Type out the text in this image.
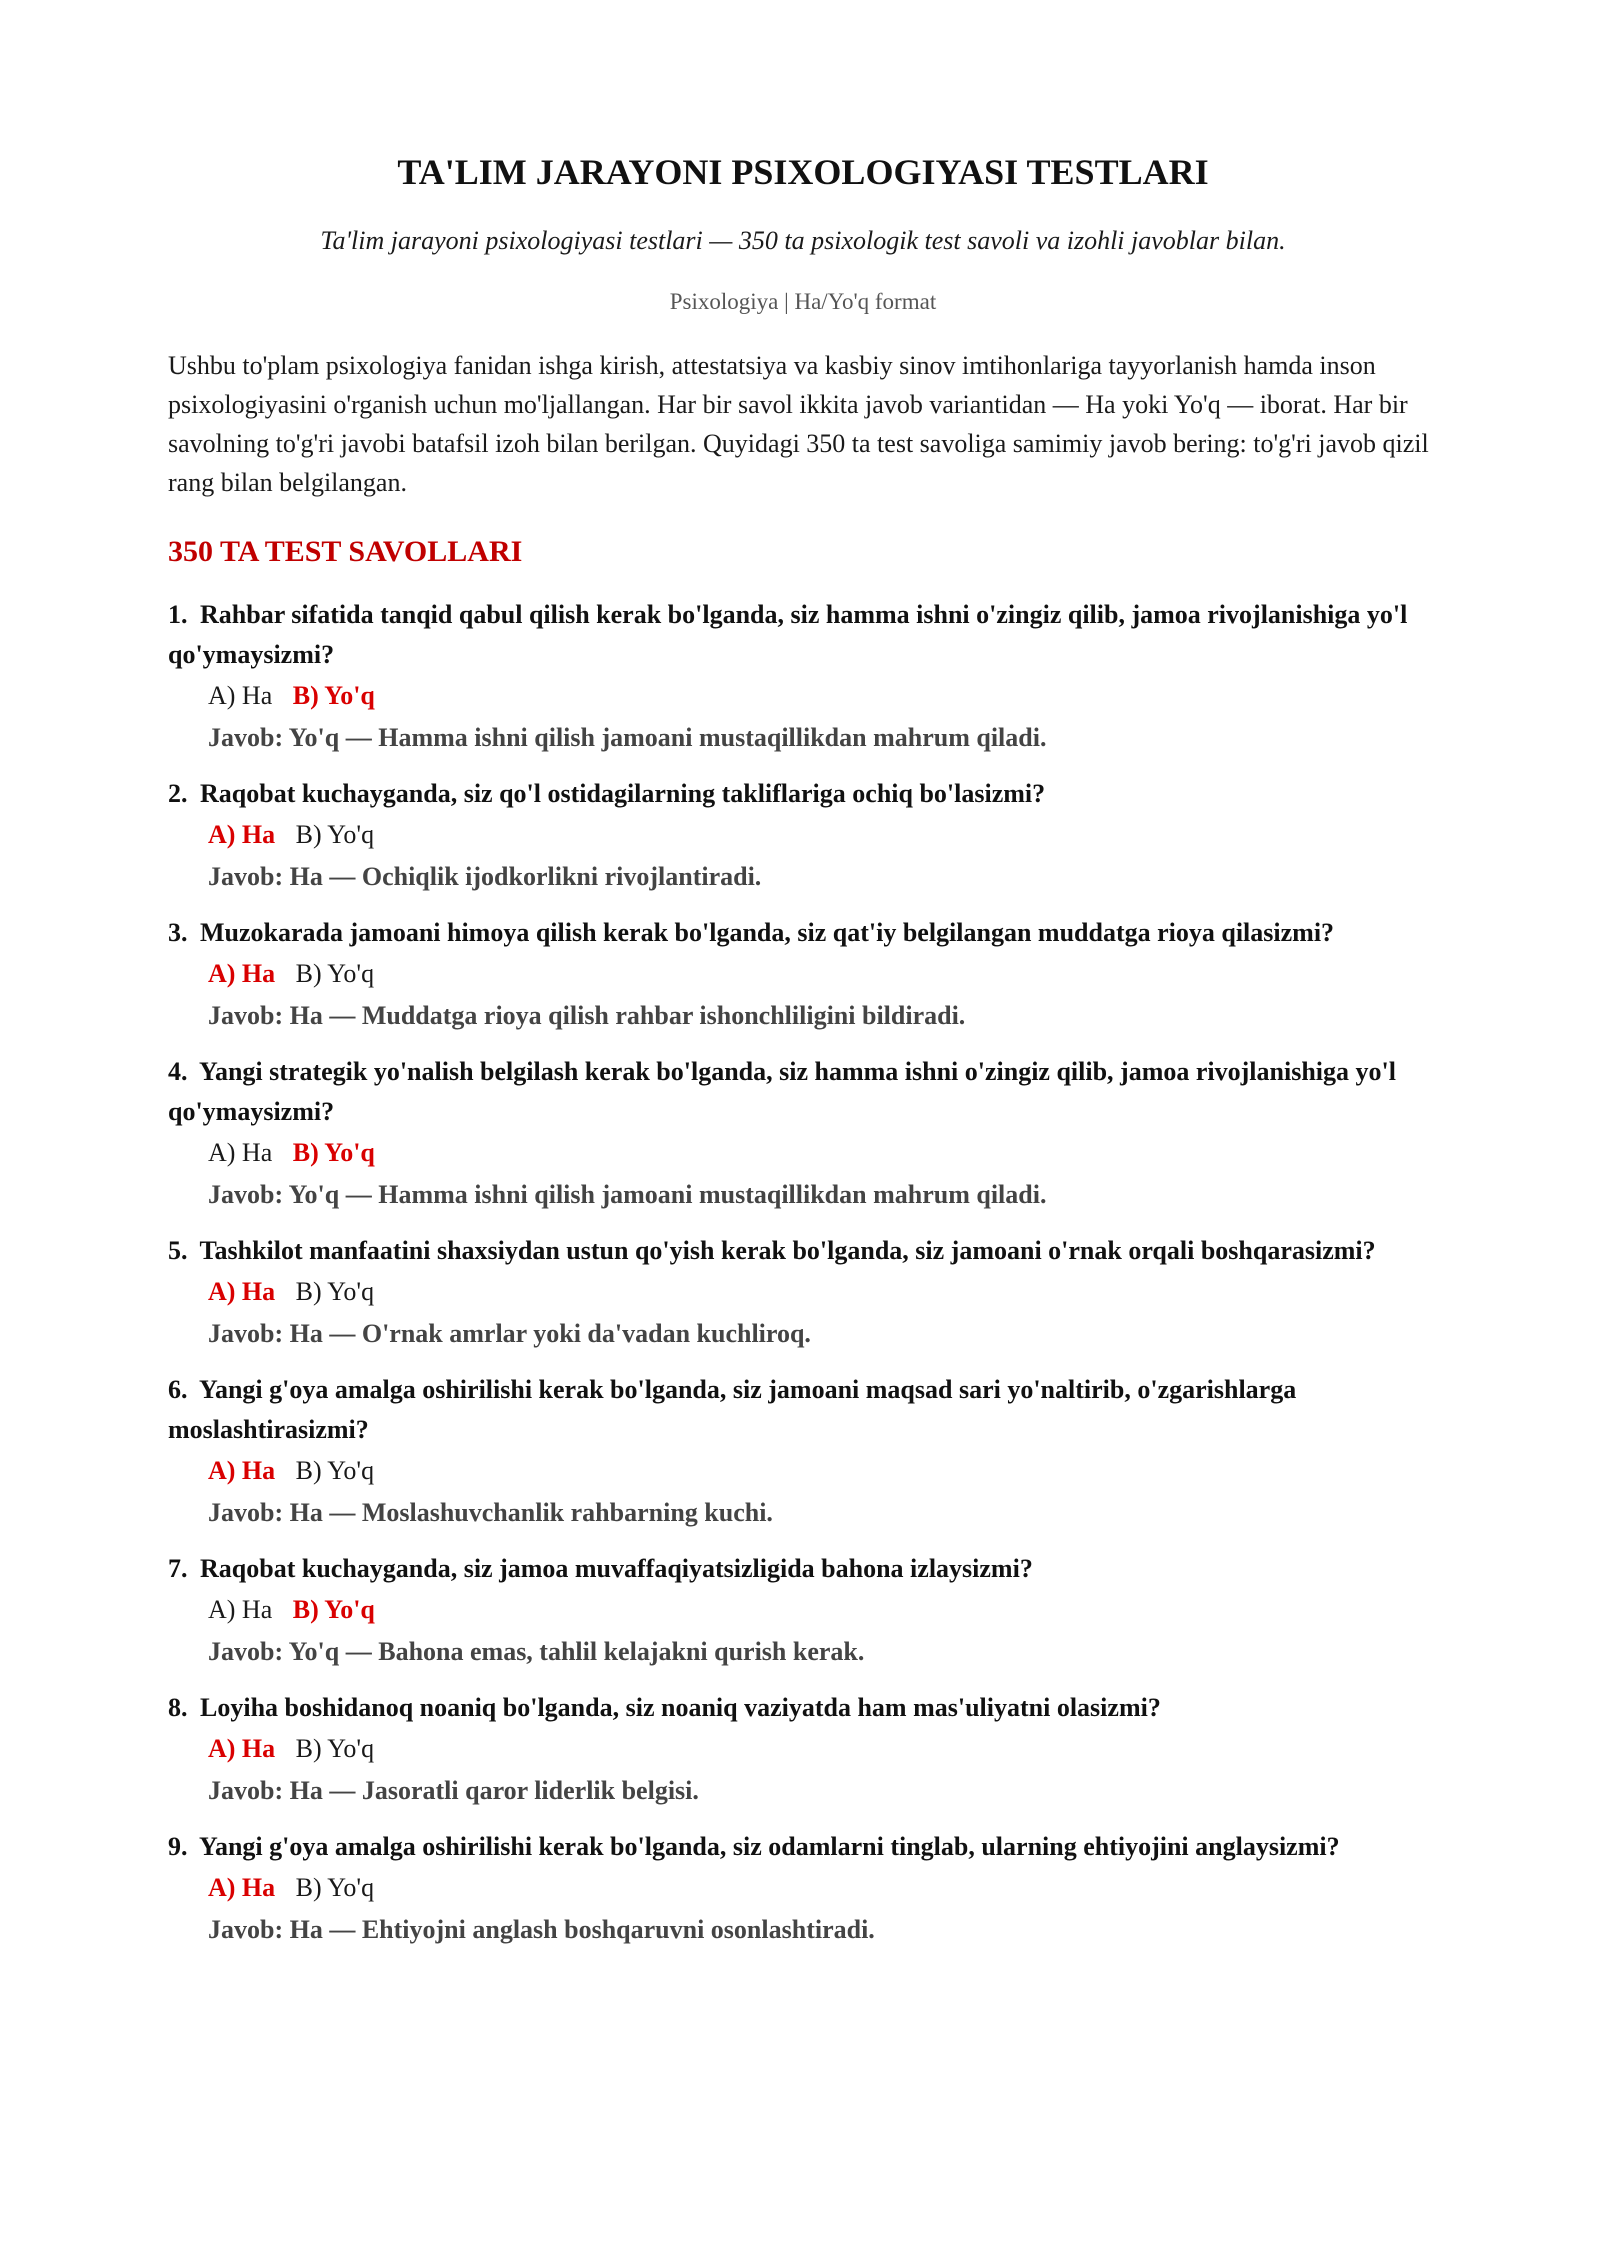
TA'LIM JARAYONI PSIXOLOGIYASI TESTLARI
Ta'lim jarayoni psixologiyasi testlari — 350 ta psixologik test savoli va izohli javoblar bilan.
Psixologiya | Ha/Yo'q format
Ushbu to'plam psixologiya fanidan ishga kirish, attestatsiya va kasbiy sinov imtihonlariga tayyorlanish hamda inson psixologiyasini o'rganish uchun mo'ljallangan. Har bir savol ikkita javob variantidan — Ha yoki Yo'q — iborat. Har bir savolning to'g'ri javobi batafsil izoh bilan berilgan. Quyidagi 350 ta test savoliga samimiy javob bering: to'g'ri javob qizil rang bilan belgilangan.
350 TA TEST SAVOLLARI
1. Rahbar sifatida tanqid qabul qilish kerak bo'lganda, siz hamma ishni o'zingiz qilib, jamoa rivojlanishiga yo'l qo'ymaysizmi?
A) Ha B) Yo'q
Javob: Yo'q — Hamma ishni qilish jamoani mustaqillikdan mahrum qiladi.
2. Raqobat kuchayganda, siz qo'l ostidagilarning takliflariga ochiq bo'lasizmi?
A) Ha B) Yo'q
Javob: Ha — Ochiqlik ijodkorlikni rivojlantiradi.
3. Muzokarada jamoani himoya qilish kerak bo'lganda, siz qat'iy belgilangan muddatga rioya qilasizmi?
A) Ha B) Yo'q
Javob: Ha — Muddatga rioya qilish rahbar ishonchliligini bildiradi.
4. Yangi strategik yo'nalish belgilash kerak bo'lganda, siz hamma ishni o'zingiz qilib, jamoa rivojlanishiga yo'l qo'ymaysizmi?
A) Ha B) Yo'q
Javob: Yo'q — Hamma ishni qilish jamoani mustaqillikdan mahrum qiladi.
5. Tashkilot manfaatini shaxsiydan ustun qo'yish kerak bo'lganda, siz jamoani o'rnak orqali boshqarasizmi?
A) Ha B) Yo'q
Javob: Ha — O'rnak amrlar yoki da'vadan kuchliroq.
6. Yangi g'oya amalga oshirilishi kerak bo'lganda, siz jamoani maqsad sari yo'naltirib, o'zgarishlarga moslashtirasizmi?
A) Ha B) Yo'q
Javob: Ha — Moslashuvchanlik rahbarning kuchi.
7. Raqobat kuchayganda, siz jamoa muvaffaqiyatsizligida bahona izlaysizmi?
A) Ha B) Yo'q
Javob: Yo'q — Bahona emas, tahlil kelajakni qurish kerak.
8. Loyiha boshidanoq noaniq bo'lganda, siz noaniq vaziyatda ham mas'uliyatni olasizmi?
A) Ha B) Yo'q
Javob: Ha — Jasoratli qaror liderlik belgisi.
9. Yangi g'oya amalga oshirilishi kerak bo'lganda, siz odamlarni tinglab, ularning ehtiyojini anglaysizmi?
A) Ha B) Yo'q
Javob: Ha — Ehtiyojni anglash boshqaruvni osonlashtiradi.
